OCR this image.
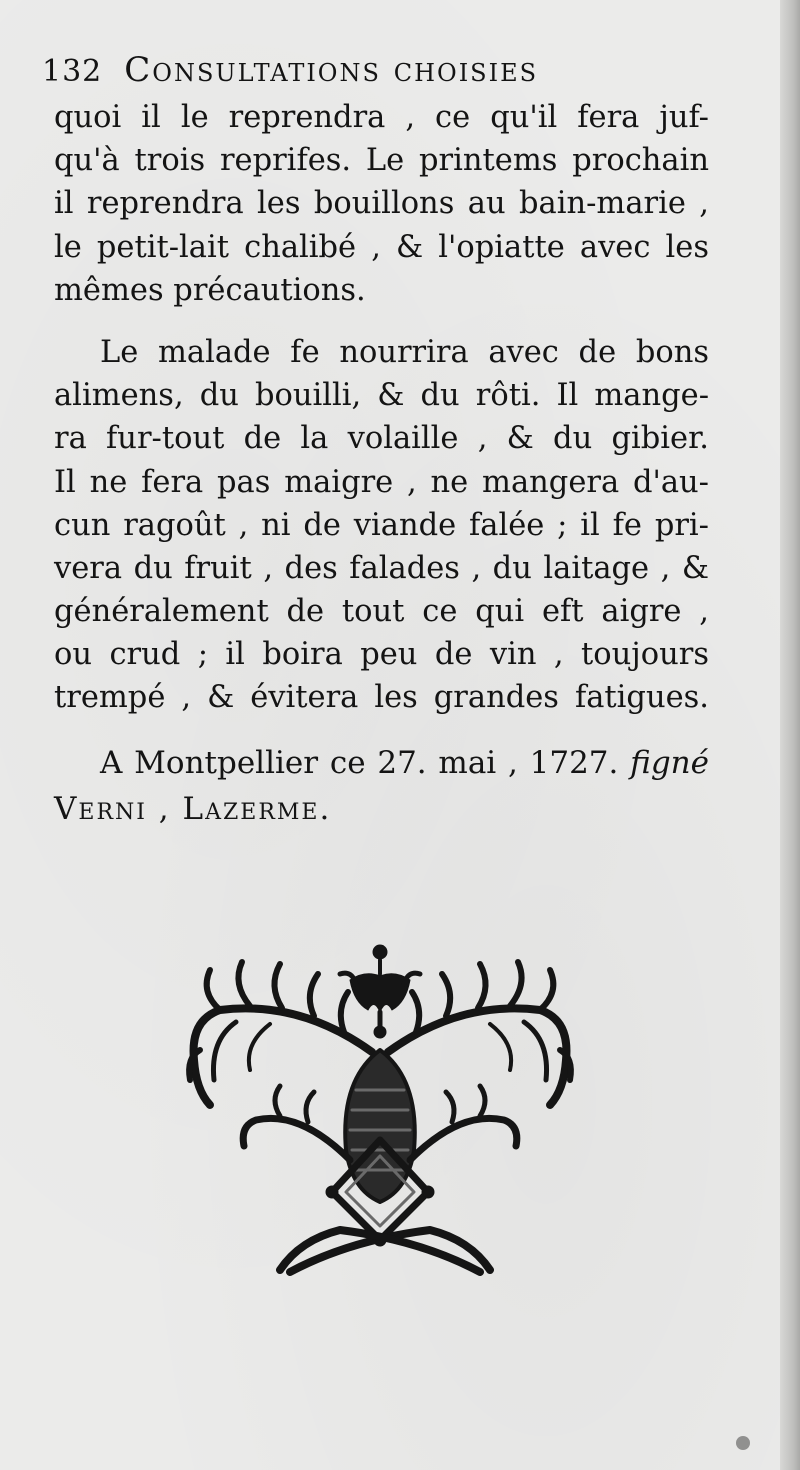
132 Consultations choisies
quoi il le reprendra , ce qu'il fera juf-
qu'à trois reprifes. Le printems prochain
il reprendra les bouillons au bain-marie ,
le petit-lait chalibé , & l'opiatte avec les
mêmes précautions.
Le malade fe nourrira avec de bons
alimens, du bouilli, & du rôti. Il mange-
ra fur-tout de la volaille , & du gibier.
Il ne fera pas maigre , ne mangera d'au-
cun ragoût , ni de viande falée ; il fe pri-
vera du fruit , des falades , du laitage , &
généralement de tout ce qui eft aigre ,
ou crud ; il boira peu de vin , toujours
trempé , & évitera les grandes fatigues.
A Montpellier ce 27. mai , 1727. figné
Verni , Lazerme.
